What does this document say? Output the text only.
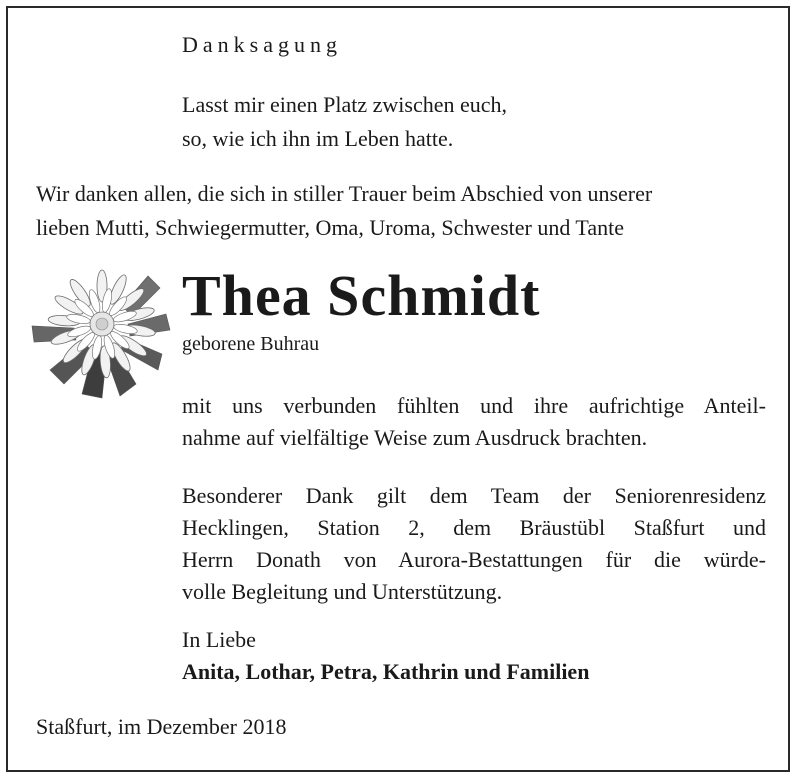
Danksagung
Lasst mir einen Platz zwischen euch,
so, wie ich ihn im Leben hatte.
Wir danken allen, die sich in stiller Trauer beim Abschied von unserer
lieben Mutti, Schwiegermutter, Oma, Uroma, Schwester und Tante
Thea Schmidt
geborene Buhrau
mit uns verbunden fühlten und ihre aufrichtige Anteil-
nahme auf vielfältige Weise zum Ausdruck brachten.
Besonderer Dank gilt dem Team der Seniorenresidenz
Hecklingen, Station 2, dem Bräustübl Staßfurt und
Herrn Donath von Aurora-Bestattungen für die würde-
volle Begleitung und Unterstützung.
In Liebe
Anita, Lothar, Petra, Kathrin und Familien
Staßfurt, im Dezember 2018
